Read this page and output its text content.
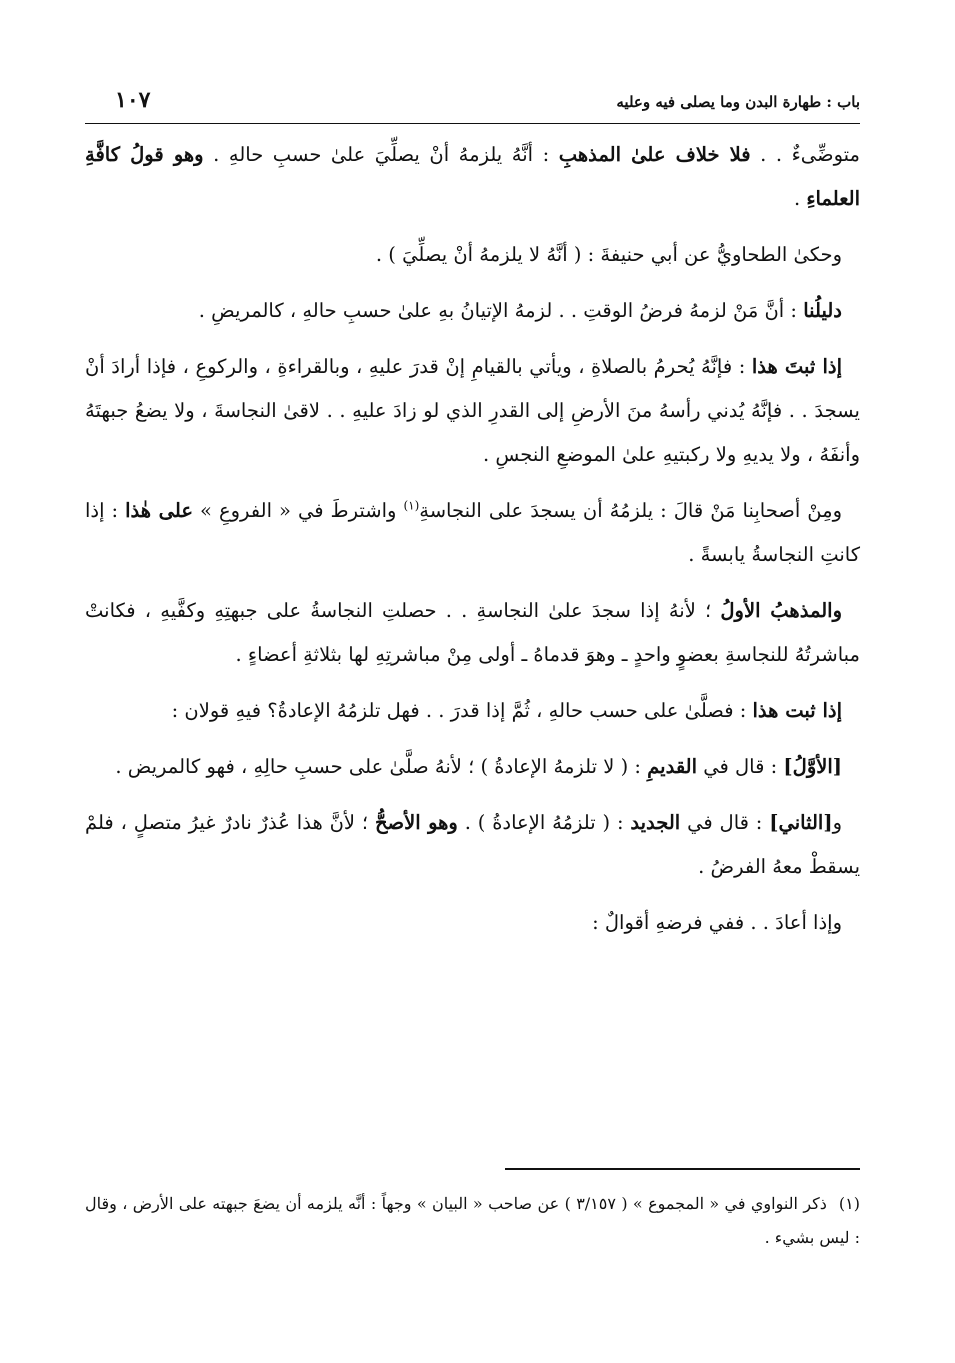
باب : طهارة البدن وما يصلى فيه وعليه
١٠٧

متوضِّىءٌ . . فلا خلاف علىٰ المذهبِ : أنَّهُ يلزمهُ أنْ يصلِّيَ علىٰ حسبِ حالهِ . وهو قولُ كافَّةِ العلماءِ .

وحكىٰ الطحاويُّ عن أبي حنيفةَ : ( أنَّهُ لا يلزمهُ أنْ يصلِّيَ ) .

دليلُنا : أنَّ مَنْ لزمهُ فرضُ الوقتِ . . لزمهُ الإتيانُ بهِ علىٰ حسبِ حالهِ ، كالمريضِ .

إذا ثبتَ هذا : فإنَّهُ يُحرمُ بالصلاةِ ، ويأتي بالقيامِ إنْ قدرَ عليهِ ، وبالقراءةِ ، والركوعِ ، فإذا أرادَ أنْ يسجدَ . . فإنَّهُ يُدني رأسهُ منَ الأرضِ إلى القدرِ الذي لو زادَ عليهِ . . لاقىٰ النجاسةَ ، ولا يضعُ جبهتَهُ وأنفَهُ ، ولا يديهِ ولا ركبتيهِ علىٰ الموضعِ النجسِ .

ومِنْ أصحابِنا مَنْ قالَ : يلزمُهُ أن يسجدَ على النجاسةِ$^{(١)}$ واشترطَ في « الفروعِ » على هٰذا : إذا كانتِ النجاسةُ يابسةً .

والمذهبُ الأولُ ؛ لأنهُ إذا سجدَ علىٰ النجاسةِ . . حصلتِ النجاسةُ على جبهتِهِ وكفَّيهِ ، فكانتْ مباشرتُهُ للنجاسةِ بعضوٍ واحدٍ ـ وهوَ قدماهُ ـ أولى مِنْ مباشرتِهِ لها بثلاثةِ أعضاءٍ .

إذا ثبت هذا : فصلَّىٰ على حسب حالهِ ، ثُمَّ إذا قدرَ . . فهل تلزمُهُ الإعادةُ؟ فيهِ قولان :

[الأوَّلُ] : قال في القديمِ : ( لا تلزمهُ الإعادةُ ) ؛ لأنهُ صلَّىٰ على حسبِ حالِهِ ، فهو كالمريض .

و[الثاني] : قال في الجديد : ( تلزمُهُ الإعادةُ ) . وهو الأصحُّ ؛ لأنَّ هذا عُذرٌ نادرٌ غيرُ متصلٍ ، فلمْ يسقطْ معهُ الفرضُ .

وإذا أعادَ . . ففي فرضهِ أقوالٌ :

(١)ذكر النواوي في « المجموع » ( ٣/١٥٧ ) عن صاحب « البيان » وجهاً : أنَّه يلزمه أن يضعَ جبهته على الأرض ، وقال : ليس بشيء .
